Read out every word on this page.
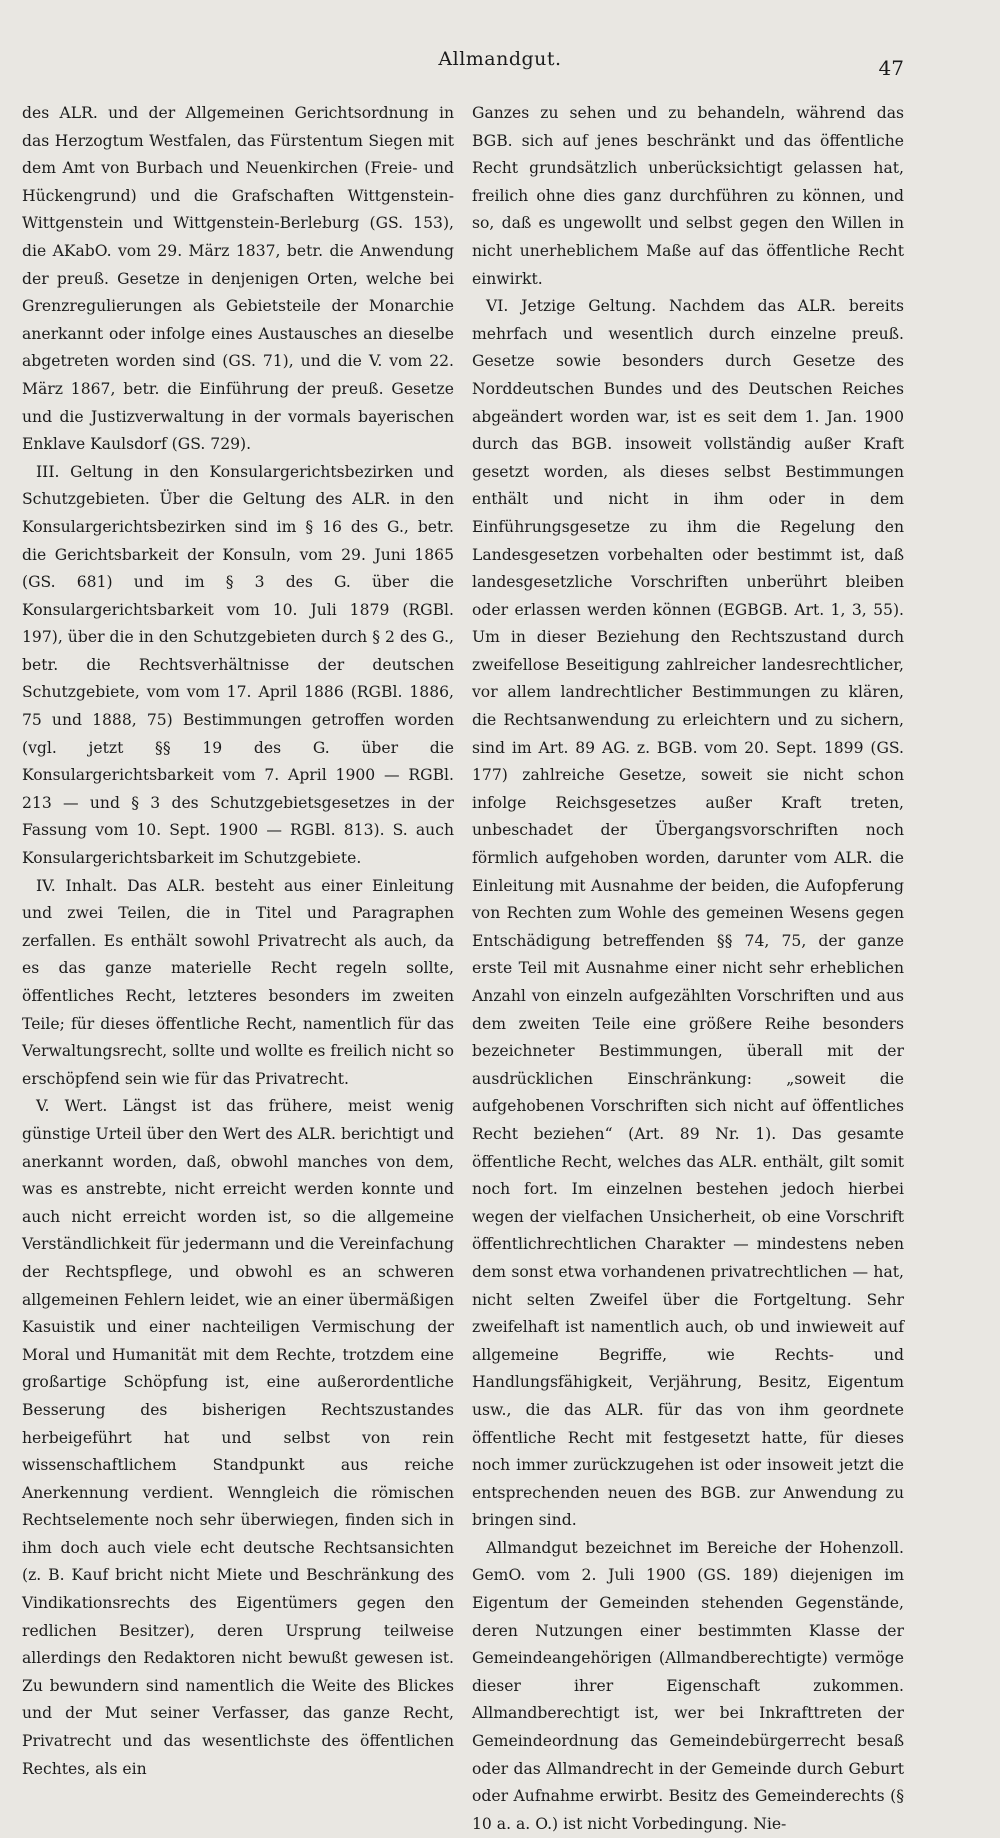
Allmandgut.	47

des ALR. und der Allgemeinen Gerichtsordnung in das Herzogtum Westfalen, das Fürstentum Siegen mit dem Amt von Burbach und Neuenkirchen (Freie- und Hückengrund) und die Grafschaften Wittgenstein-Wittgenstein und Wittgenstein-Berleburg (GS. 153), die AKabO. vom 29. März 1837, betr. die Anwendung der preuß. Gesetze in denjenigen Orten, welche bei Grenzregulierungen als Gebietsteile der Monarchie anerkannt oder infolge eines Austausches an dieselbe abgetreten worden sind (GS. 71), und die V. vom 22. März 1867, betr. die Einführung der preuß. Gesetze und die Justizverwaltung in der vormals bayerischen Enklave Kaulsdorf (GS. 729).

III. Geltung in den Konsulargerichtsbezirken und Schutzgebieten. Über die Geltung des ALR. in den Konsulargerichtsbezirken sind im § 16 des G., betr. die Gerichtsbarkeit der Konsuln, vom 29. Juni 1865 (GS. 681) und im § 3 des G. über die Konsulargerichtsbarkeit vom 10. Juli 1879 (RGBl. 197), über die in den Schutzgebieten durch § 2 des G., betr. die Rechtsverhältnisse der deutschen Schutzgebiete, vom vom 17. April 1886 (RGBl. 1886, 75 und 1888, 75) Bestimmungen getroffen worden (vgl. jetzt §§ 19 des G. über die Konsulargerichtsbarkeit vom 7. April 1900 — RGBl. 213 — und § 3 des Schutzgebietsgesetzes in der Fassung vom 10. Sept. 1900 — RGBl. 813). S. auch Konsulargerichtsbarkeit im Schutzgebiete.

IV. Inhalt. Das ALR. besteht aus einer Einleitung und zwei Teilen, die in Titel und Paragraphen zerfallen. Es enthält sowohl Privatrecht als auch, da es das ganze materielle Recht regeln sollte, öffentliches Recht, letzteres besonders im zweiten Teile; für dieses öffentliche Recht, namentlich für das Verwaltungsrecht, sollte und wollte es freilich nicht so erschöpfend sein wie für das Privatrecht.

V. Wert. Längst ist das frühere, meist wenig günstige Urteil über den Wert des ALR. berichtigt und anerkannt worden, daß, obwohl manches von dem, was es anstrebte, nicht erreicht werden konnte und auch nicht erreicht worden ist, so die allgemeine Verständlichkeit für jedermann und die Vereinfachung der Rechtspflege, und obwohl es an schweren allgemeinen Fehlern leidet, wie an einer übermäßigen Kasuistik und einer nachteiligen Vermischung der Moral und Humanität mit dem Rechte, trotzdem eine großartige Schöpfung ist, eine außerordentliche Besserung des bisherigen Rechtszustandes herbeigeführt hat und selbst von rein wissenschaftlichem Standpunkt aus reiche Anerkennung verdient. Wenngleich die römischen Rechtselemente noch sehr überwiegen, finden sich in ihm doch auch viele echt deutsche Rechtsansichten (z. B. Kauf bricht nicht Miete und Beschränkung des Vindikationsrechts des Eigentümers gegen den redlichen Besitzer), deren Ursprung teilweise allerdings den Redaktoren nicht bewußt gewesen ist. Zu bewundern sind namentlich die Weite des Blickes und der Mut seiner Verfasser, das ganze Recht, Privatrecht und das wesentlichste des öffentlichen Rechtes, als ein

Ganzes zu sehen und zu behandeln, während das BGB. sich auf jenes beschränkt und das öffentliche Recht grundsätzlich unberücksichtigt gelassen hat, freilich ohne dies ganz durchführen zu können, und so, daß es ungewollt und selbst gegen den Willen in nicht unerheblichem Maße auf das öffentliche Recht einwirkt.

VI. Jetzige Geltung. Nachdem das ALR. bereits mehrfach und wesentlich durch einzelne preuß. Gesetze sowie besonders durch Gesetze des Norddeutschen Bundes und des Deutschen Reiches abgeändert worden war, ist es seit dem 1. Jan. 1900 durch das BGB. insoweit vollständig außer Kraft gesetzt worden, als dieses selbst Bestimmungen enthält und nicht in ihm oder in dem Einführungsgesetze zu ihm die Regelung den Landesgesetzen vorbehalten oder bestimmt ist, daß landesgesetzliche Vorschriften unberührt bleiben oder erlassen werden können (EGBGB. Art. 1, 3, 55). Um in dieser Beziehung den Rechtszustand durch zweifellose Beseitigung zahlreicher landesrechtlicher, vor allem landrechtlicher Bestimmungen zu klären, die Rechtsanwendung zu erleichtern und zu sichern, sind im Art. 89 AG. z. BGB. vom 20. Sept. 1899 (GS. 177) zahlreiche Gesetze, soweit sie nicht schon infolge Reichsgesetzes außer Kraft treten, unbeschadet der Übergangsvorschriften noch förmlich aufgehoben worden, darunter vom ALR. die Einleitung mit Ausnahme der beiden, die Aufopferung von Rechten zum Wohle des gemeinen Wesens gegen Entschädigung betreffenden §§ 74, 75, der ganze erste Teil mit Ausnahme einer nicht sehr erheblichen Anzahl von einzeln aufgezählten Vorschriften und aus dem zweiten Teile eine größere Reihe besonders bezeichneter Bestimmungen, überall mit der ausdrücklichen Einschränkung: „soweit die aufgehobenen Vorschriften sich nicht auf öffentliches Recht beziehen“ (Art. 89 Nr. 1). Das gesamte öffentliche Recht, welches das ALR. enthält, gilt somit noch fort. Im einzelnen bestehen jedoch hierbei wegen der vielfachen Unsicherheit, ob eine Vorschrift öffentlichrechtlichen Charakter — mindestens neben dem sonst etwa vorhandenen privatrechtlichen — hat, nicht selten Zweifel über die Fortgeltung. Sehr zweifelhaft ist namentlich auch, ob und inwieweit auf allgemeine Begriffe, wie Rechts- und Handlungsfähigkeit, Verjährung, Besitz, Eigentum usw., die das ALR. für das von ihm geordnete öffentliche Recht mit festgesetzt hatte, für dieses noch immer zurückzugehen ist oder insoweit jetzt die entsprechenden neuen des BGB. zur Anwendung zu bringen sind.

Allmandgut bezeichnet im Bereiche der Hohenzoll. GemO. vom 2. Juli 1900 (GS. 189) diejenigen im Eigentum der Gemeinden stehenden Gegenstände, deren Nutzungen einer bestimmten Klasse der Gemeindeangehörigen (Allmandberechtigte) vermöge dieser ihrer Eigenschaft zukommen. Allmandberechtigt ist, wer bei Inkrafttreten der Gemeindeordnung das Gemeindebürgerrecht besaß oder das Allmandrecht in der Gemeinde durch Geburt oder Aufnahme erwirbt. Besitz des Gemeinderechts (§ 10 a. a. O.) ist nicht Vorbedingung. Nie-
